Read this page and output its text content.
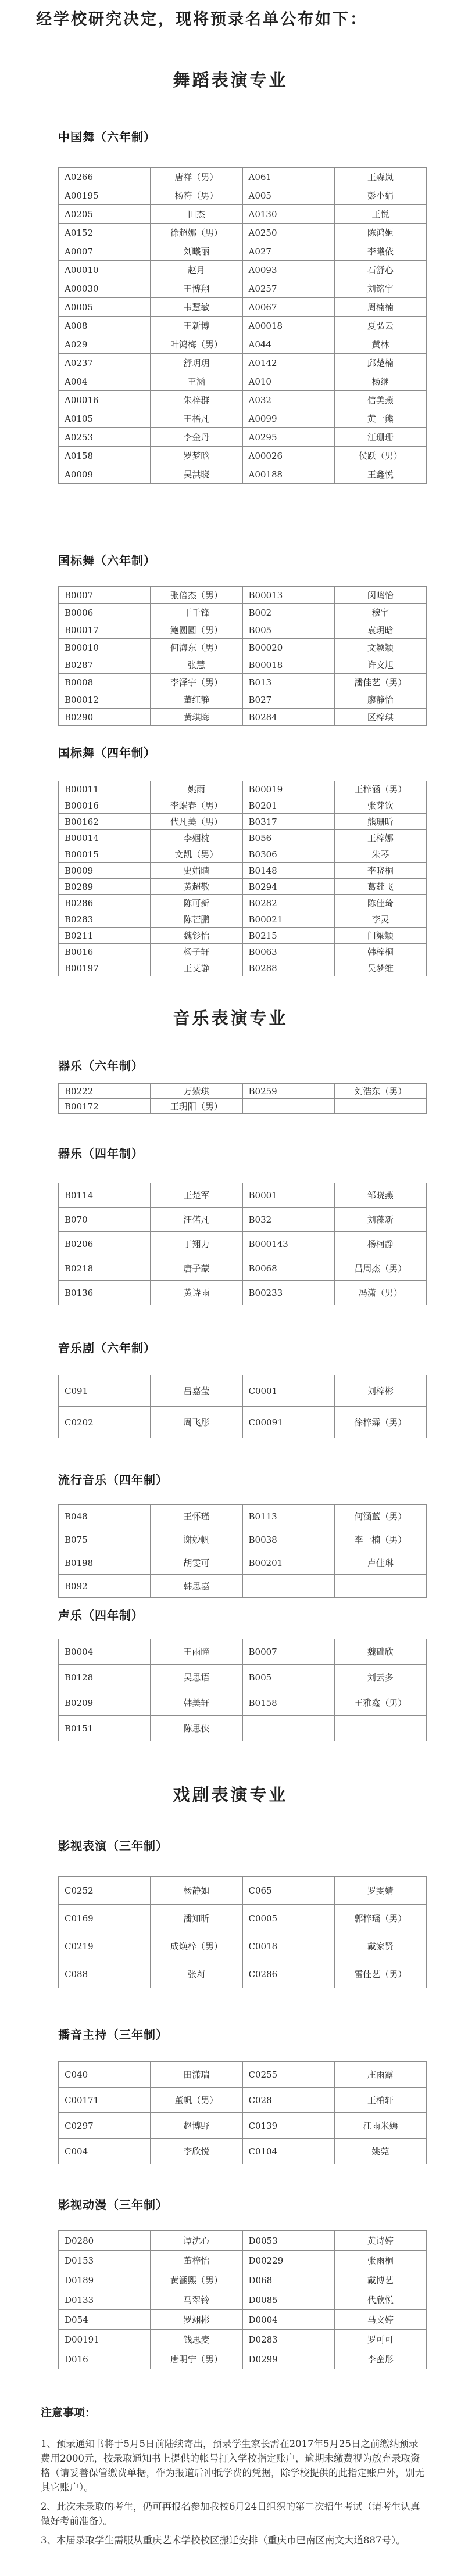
经学校研究决定，现将预录名单公布如下：

舞蹈表演专业
中国舞（六年制）
A0266	唐祥（男）	A061	王森岚
A00195	杨符（男）	A005	彭小娟
A0205	田杰	A0130	王悦
A0152	徐超娜（男）	A0250	陈鸿姬
A0007	刘曦丽	A027	李曦依
A00010	赵月	A0093	石舒心
A00030	王博翔	A0257	刘铭宇
A0005	韦慧敏	A0067	周楠楠
A008	王新博	A00018	夏弘云
A029	叶鸿梅（男）	A044	黄林
A0237	舒玥玥	A0142	邱楚楠
A004	王涵	A010	杨继
A00016	朱梓群	A032	信美燕
A0105	王梧凡	A0099	黄一熊
A0253	李金丹	A0295	江珊珊
A0158	罗梦晗	A00026	侯跃（男）
A0009	吴洪晓	A00188	王鑫悦
国标舞（六年制）
B0007	张倍杰（男）	B00013	闵鸣怡
B0006	于千锋	B002	穆宇
B00017	鲍圆圆（男）	B005	袁玥晗
B00010	何海东（男）	B00020	文颖颖
B0287	张慧	B00018	许文旭
B0008	李泽宇（男）	B013	潘佳艺（男）
B00012	董红静	B027	廖静怡
B0290	黄琪晦	B0284	区梓琪
国标舞（四年制）
B00011	姚雨	B00019	王梓涵（男）
B00016	李蜗春（男）	B0201	张芽钦
B00162	代凡美（男）	B0317	熊珊昕
B00014	李姻枕	B056	王梓娜
B00015	文凯（男）	B0306	朱琴
B0009	史娟睛	B0148	李晓桐
B0289	黄超敬	B0294	葛荭飞
B0286	陈可新	B0282	陈佳琦
B0283	陈芒鹏	B00021	李灵
B0211	魏钐怡	B0215	门梁颖
B0016	杨子轩	B0063	韩梓桐
B00197	王艾静	B0288	吴梦维
音乐表演专业
器乐（六年制）
B0222	万紫琪	B0259	刘浩东（男）
B00172	王玥阳（男）		
器乐（四年制）
B0114	王楚军	B0001	邹晓燕
B070	汪偌凡	B032	刘藻新
B0206	丁翔力	B000143	杨柯静
B0218	唐子蒙	B0068	吕周杰（男）
B0136	黄诗雨	B00233	冯潇（男）
音乐剧（六年制）
C091	吕嘉莹	C0001	刘梓彬
C0202	周飞彤	C00091	徐梓霖（男）
流行音乐（四年制）
B048	王怀瑾	B0113	何涵蓝（男）
B075	谢妙帆	B0038	李一楠（男）
B0198	胡雯可	B00201	卢佳琳
B092	韩思嘉		
声乐（四年制）
B0004	王雨瞳	B0007	魏础欣
B0128	吴思语	B005	刘云多
B0209	韩美轩	B0158	王雅鑫（男）
B0151	陈思侠		
戏剧表演专业
影视表演（三年制）
C0252	杨静如	C065	罗雯婧
C0169	潘知昕	C0005	郭梓瑶（男）
C0219	成焕梓（男）	C0018	戴家贤
C088	张莉	C0286	雷佳艺（男）
播音主持（三年制）
C040	田潇瑞	C0255	庄雨露
C00171	董帆（男）	C028	王柏轩
C0297	赵博野	C0139	江雨米嫣
C004	李欣悦	C0104	姚莞
影视动漫（三年制）
D0280	谭沈心	D0053	黄诗婷
D0153	董梓怡	D00229	张雨桐
D0189	黄涵熙（男）	D068	戴博艺
D0133	马翠铃	D0085	代欣悦
D054	罗翊彬	D0004	马文婷
D00191	钱思麦	D0283	罗可可
D016	唐明宁（男）	D0299	李蛮彤
注意事项：

1、预录通知书将于5月5日前陆续寄出，预录学生家长需在2017年5月25日之前缴纳预录费用2000元，按录取通知书上提供的帐号打入学校指定账户，逾期未缴费视为放弃录取资格（请妥善保管缴费单据，作为报道后冲抵学费的凭据，除学校提供的此指定账户外，别无其它账户）。

2、此次未录取的考生，仍可再报名参加我校6月24日组织的第二次招生考试（请考生认真做好考前准备）。

3、本届录取学生需服从重庆艺术学校校区搬迁安排（重庆市巴南区南文大道887号）。
